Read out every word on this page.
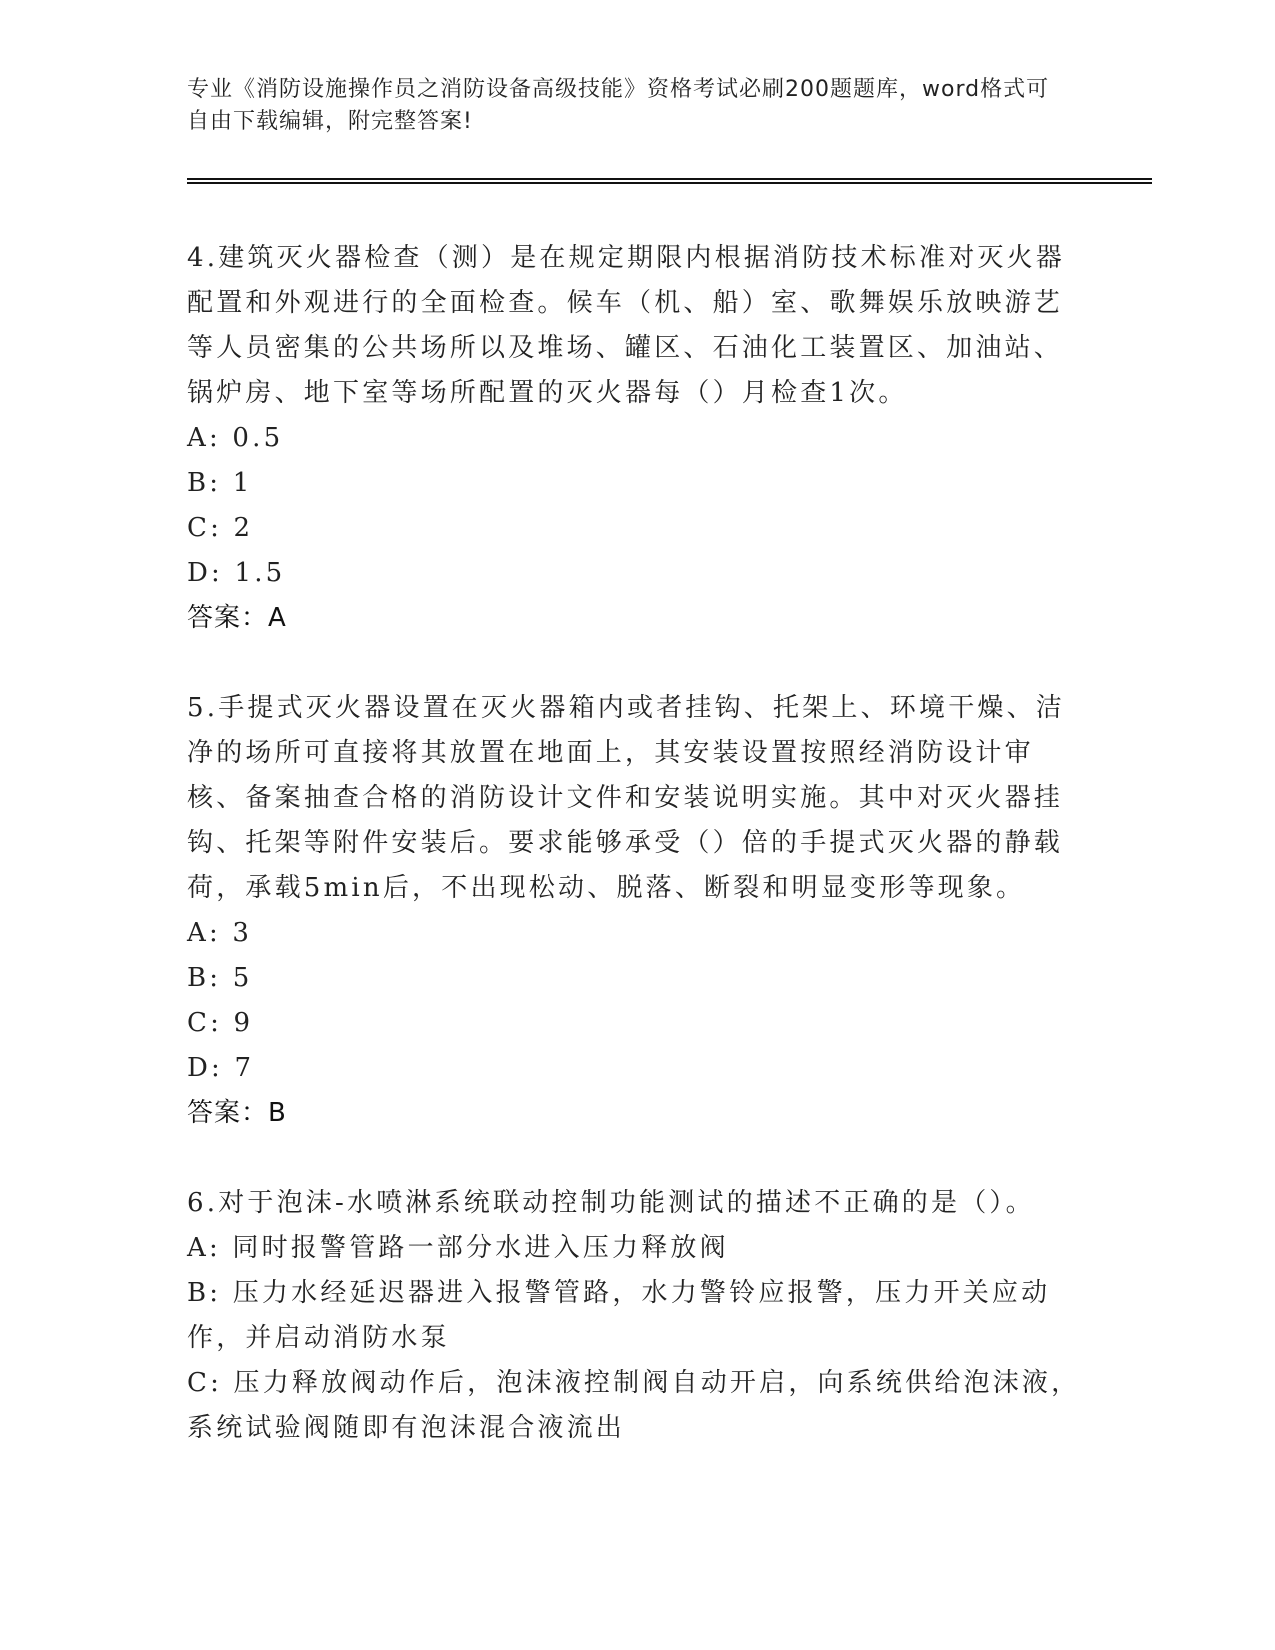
专业《消防设施操作员之消防设备高级技能》资格考试必刷200题题库，word格式可自由下载编辑，附完整答案!

4.建筑灭火器检查（测）是在规定期限内根据消防技术标准对灭火器配置和外观进行的全面检查。候车（机、船）室、歌舞娱乐放映游艺等人员密集的公共场所以及堆场、罐区、石油化工装置区、加油站、锅炉房、地下室等场所配置的灭火器每（）月检查1次。

A: 0.5

B: 1

C: 2

D: 1.5

答案：A

5.手提式灭火器设置在灭火器箱内或者挂钩、托架上、环境干燥、洁净的场所可直接将其放置在地面上，其安装设置按照经消防设计审核、备案抽查合格的消防设计文件和安装说明实施。其中对灭火器挂钩、托架等附件安装后。要求能够承受（）倍的手提式灭火器的静载荷，承载5min后，不出现松动、脱落、断裂和明显变形等现象。

A: 3

B: 5

C: 9

D: 7

答案：B

6.对于泡沫-水喷淋系统联动控制功能测试的描述不正确的是（）。

A: 同时报警管路一部分水进入压力释放阀

B: 压力水经延迟器进入报警管路，水力警铃应报警，压力开关应动作，并启动消防水泵

C: 压力释放阀动作后，泡沫液控制阀自动开启，向系统供给泡沫液，系统试验阀随即有泡沫混合液流出
